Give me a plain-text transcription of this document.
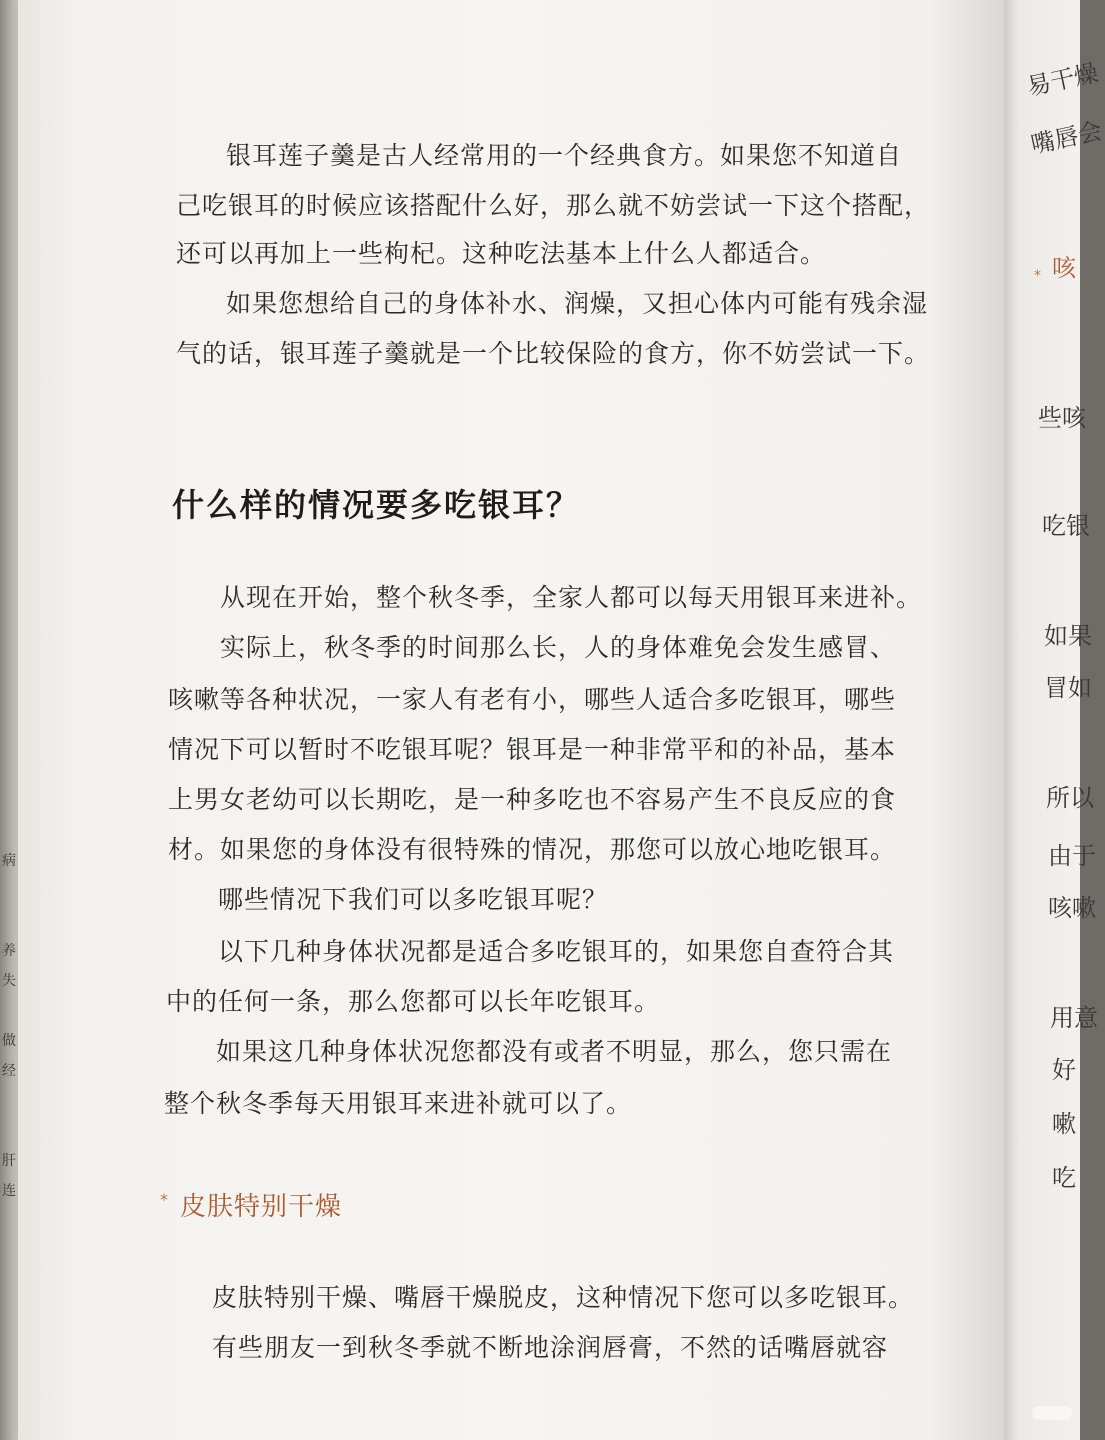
病
养
失
做
经
肝
连

银耳莲子羹是古人经常用的一个经典食方。如果您不知道自

己吃银耳的时候应该搭配什么好，那么就不妨尝试一下这个搭配，

还可以再加上一些枸杞。这种吃法基本上什么人都适合。

如果您想给自己的身体补水、润燥，又担心体内可能有残余湿

气的话，银耳莲子羹就是一个比较保险的食方，你不妨尝试一下。

什么样的情况要多吃银耳？

从现在开始，整个秋冬季，全家人都可以每天用银耳来进补。

实际上，秋冬季的时间那么长，人的身体难免会发生感冒、

咳嗽等各种状况，一家人有老有小，哪些人适合多吃银耳，哪些

情况下可以暂时不吃银耳呢？银耳是一种非常平和的补品，基本

上男女老幼可以长期吃，是一种多吃也不容易产生不良反应的食

材。如果您的身体没有很特殊的情况，那您可以放心地吃银耳。

哪些情况下我们可以多吃银耳呢？

以下几种身体状况都是适合多吃银耳的，如果您自查符合其

中的任何一条，那么您都可以长年吃银耳。

如果这几种身体状况您都没有或者不明显，那么，您只需在

整个秋冬季每天用银耳来进补就可以了。

* 皮肤特别干燥

皮肤特别干燥、嘴唇干燥脱皮，这种情况下您可以多吃银耳。

有些朋友一到秋冬季就不断地涂润唇膏，不然的话嘴唇就容

易干燥
嘴唇会
* 咳
些咳
吃银
如果
冒如
所以
由于
咳嗽
用意
好
嗽
吃
